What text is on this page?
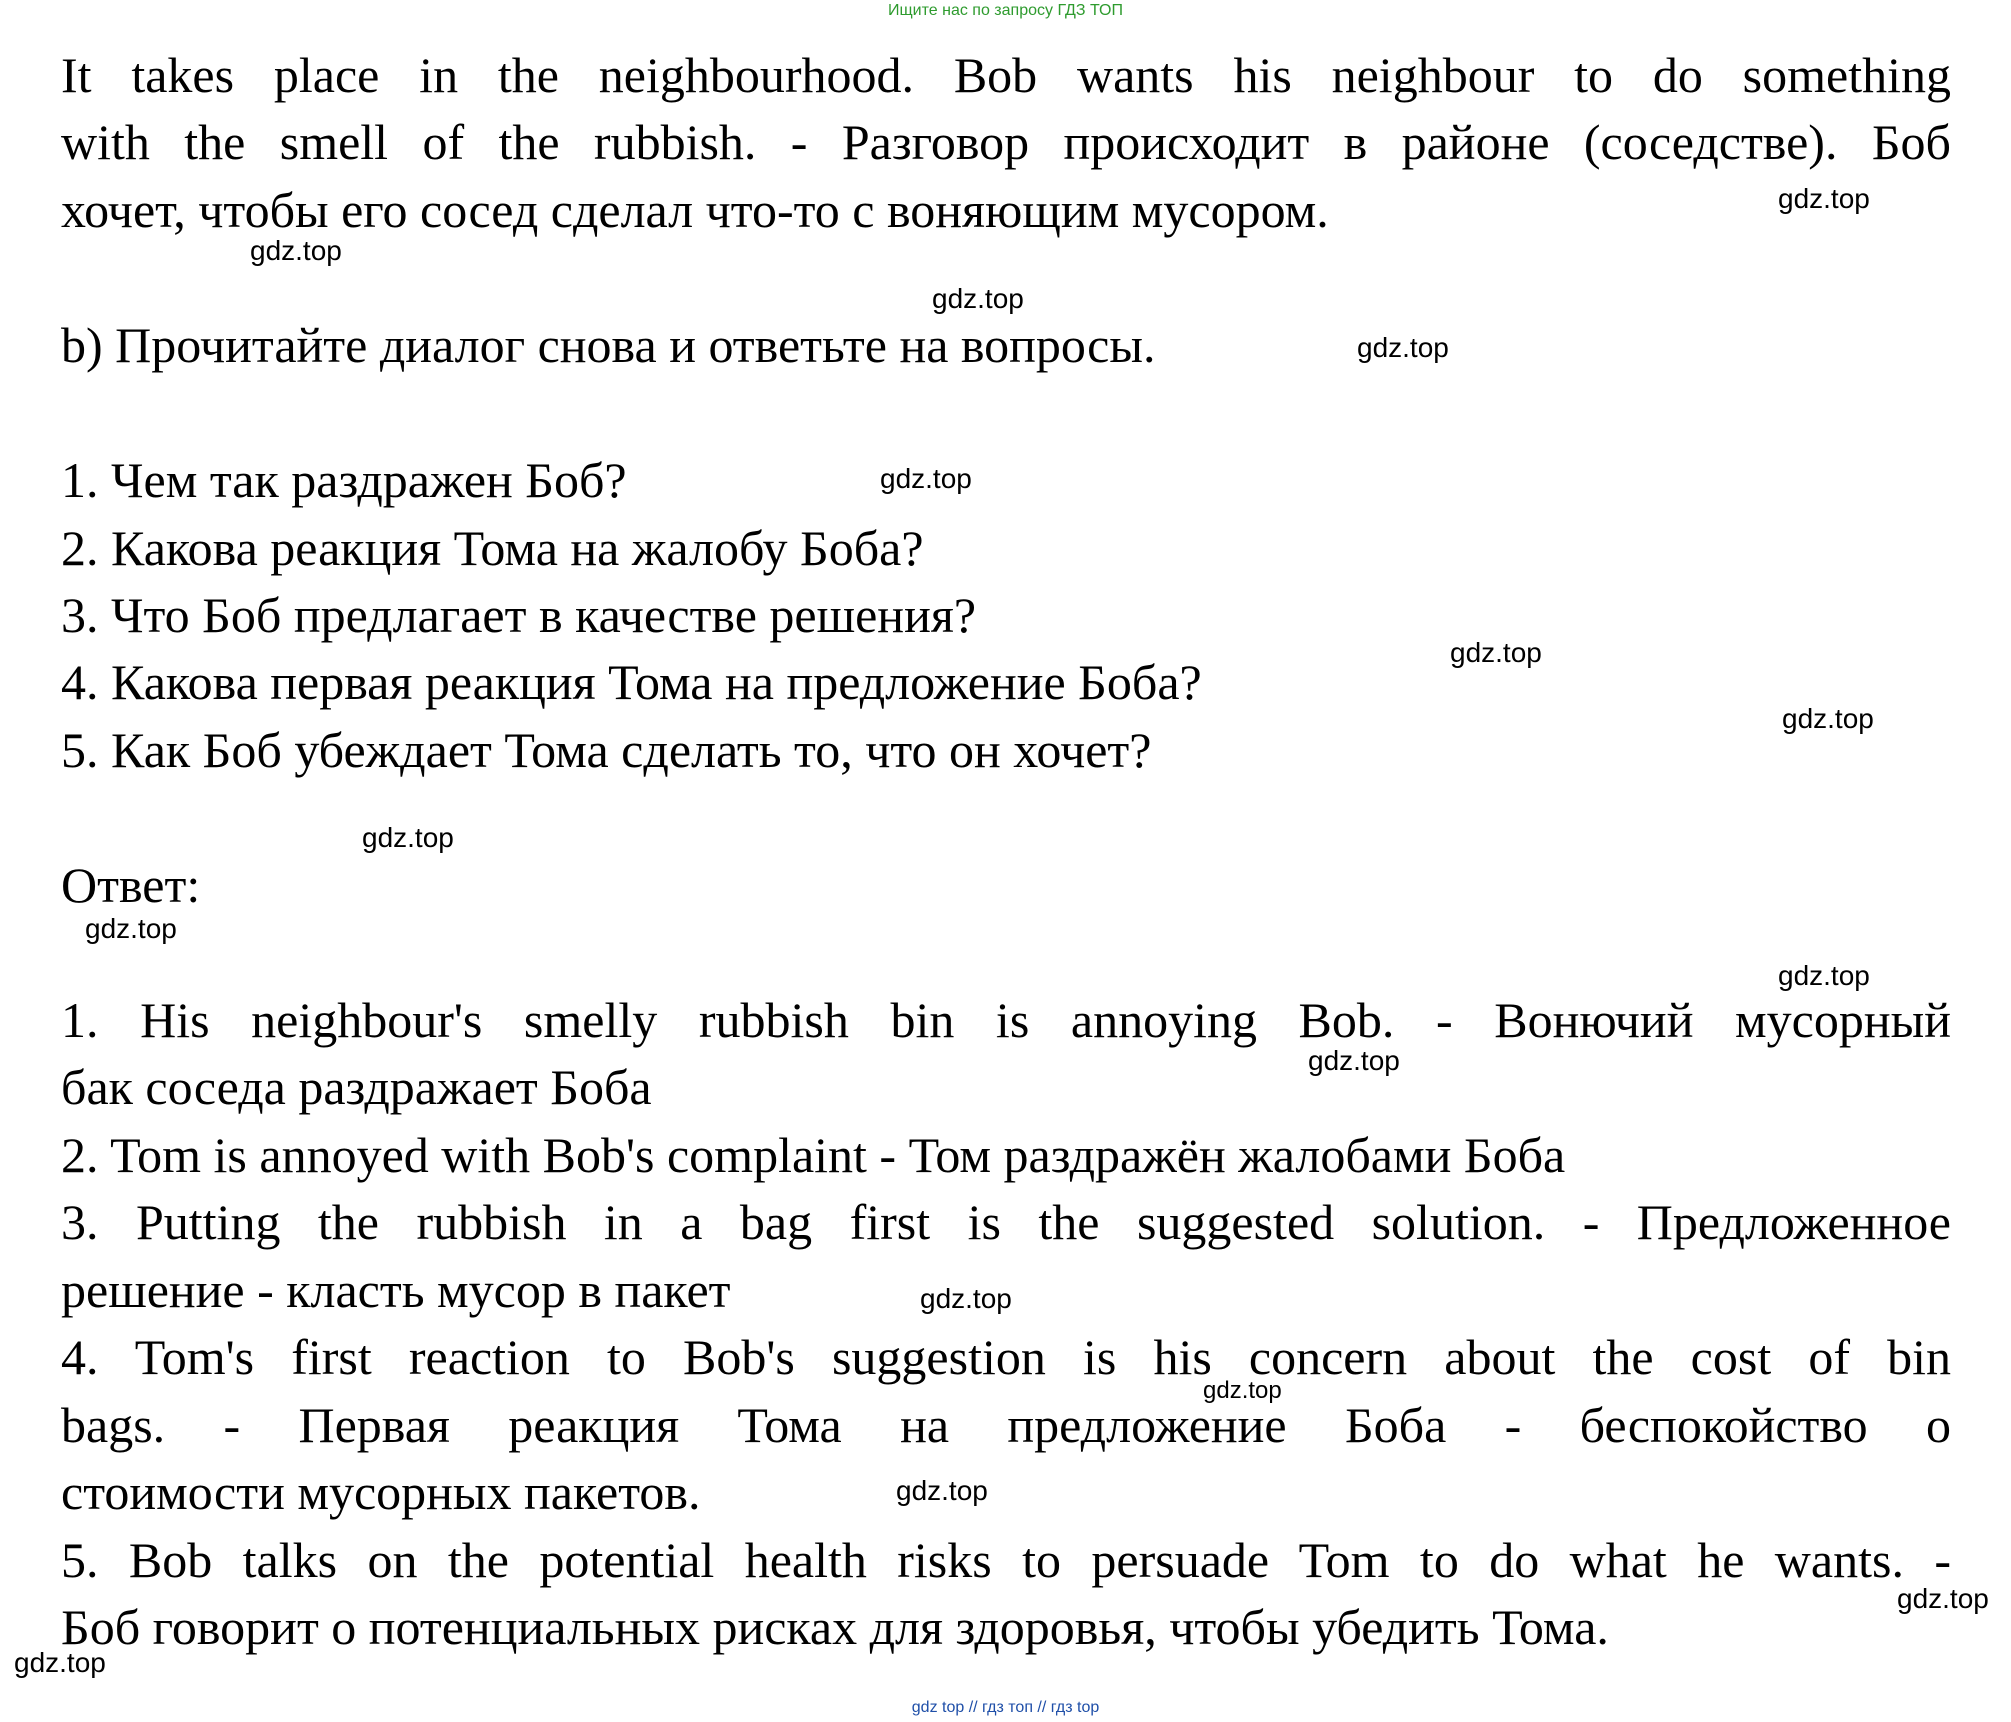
Ищите нас по запросу ГДЗ ТОП
It takes place in the neighbourhood. Bob wants his neighbour to do something
with the smell of the rubbish. - Разговор происходит в районе (соседстве). Боб
хочет, чтобы его сосед сделал что-то с воняющим мусором.
b) Прочитайте диалог снова и ответьте на вопросы.
1. Чем так раздражен Боб?
2. Какова реакция Тома на жалобу Боба?
3. Что Боб предлагает в качестве решения?
4. Какова первая реакция Тома на предложение Боба?
5. Как Боб убеждает Тома сделать то, что он хочет?
Ответ:
1. His neighbour's smelly rubbish bin is annoying Bob. - Вонючий мусорный
бак соседа раздражает Боба
2. Tom is annoyed with Bob's complaint - Том раздражён жалобами Боба
3. Putting the rubbish in a bag first is the suggested solution. - Предложенное
решение - класть мусор в пакет
4. Tom's first reaction to Bob's suggestion is his concern about the cost of bin
bags. - Первая реакция Тома на предложение Боба - беспокойство о
стоимости мусорных пакетов.
5. Bob talks on the potential health risks to persuade Tom to do what he wants. -
Боб говорит о потенциальных рисках для здоровья, чтобы убедить Тома.
gdz.top
gdz.top
gdz.top
gdz.top
gdz.top
gdz.top
gdz.top
gdz.top
gdz.top
gdz.top
gdz.top
gdz.top
gdz.top
gdz.top
gdz.top
gdz.top
gdz top // гдз топ // гдз top
